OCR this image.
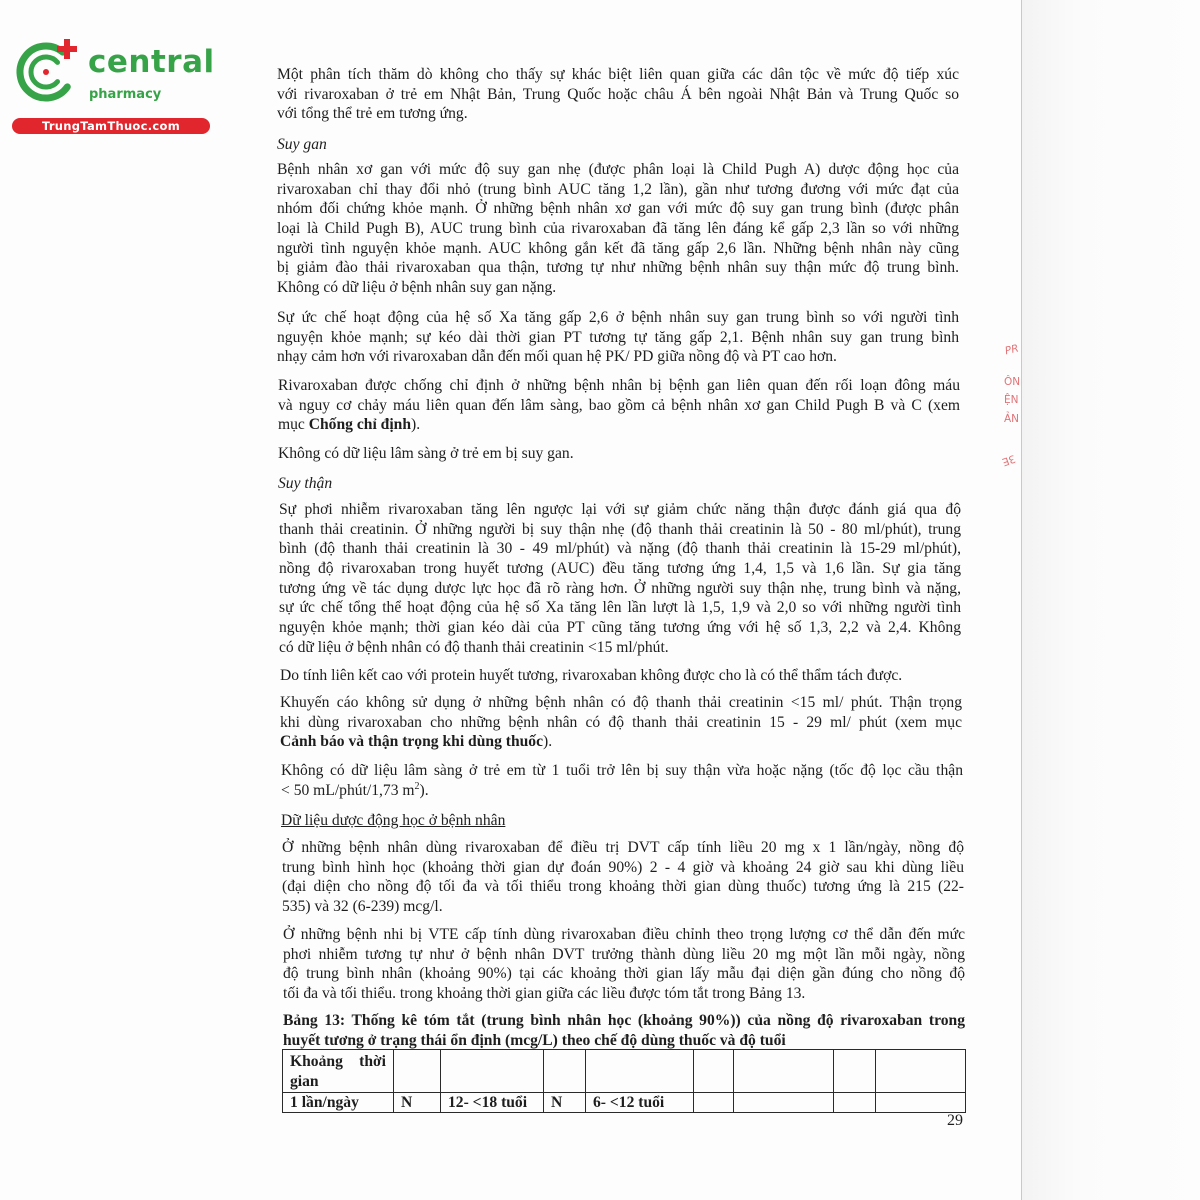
central
pharmacy
TrungTamThuoc.com
PR
ÔN
ỆN
ẢN
3E
Một phân tích thăm dò không cho thấy sự khác biệt liên quan giữa các dân tộc về mức độ tiếp xúc
với rivaroxaban ở trẻ em Nhật Bản, Trung Quốc hoặc châu Á bên ngoài Nhật Bản và Trung Quốc so
với tổng thể trẻ em tương ứng.
Suy gan
Bệnh nhân xơ gan với mức độ suy gan nhẹ (được phân loại là Child Pugh A) dược động học của
rivaroxaban chỉ thay đổi nhỏ (trung bình AUC tăng 1,2 lần), gần như tương đương với mức đạt của
nhóm đối chứng khỏe mạnh. Ở những bệnh nhân xơ gan với mức độ suy gan trung bình (được phân
loại là Child Pugh B), AUC trung bình của rivaroxaban đã tăng lên đáng kể gấp 2,3 lần so với những
người tình nguyện khỏe mạnh. AUC không gắn kết đã tăng gấp 2,6 lần. Những bệnh nhân này cũng
bị giảm đào thải rivaroxaban qua thận, tương tự như những bệnh nhân suy thận mức độ trung bình.
Không có dữ liệu ở bệnh nhân suy gan nặng.
Sự ức chế hoạt động của hệ số Xa tăng gấp 2,6 ở bệnh nhân suy gan trung bình so với người tình
nguyện khỏe mạnh; sự kéo dài thời gian PT tương tự tăng gấp 2,1. Bệnh nhân suy gan trung bình
nhạy cảm hơn với rivaroxaban dẫn đến mối quan hệ PK/ PD giữa nồng độ và PT cao hơn.
Rivaroxaban được chống chỉ định ở những bệnh nhân bị bệnh gan liên quan đến rối loạn đông máu
và nguy cơ chảy máu liên quan đến lâm sàng, bao gồm cả bệnh nhân xơ gan Child Pugh B và C (xem
mục Chống chỉ định).
Không có dữ liệu lâm sàng ở trẻ em bị suy gan.
Suy thận
Sự phơi nhiễm rivaroxaban tăng lên ngược lại với sự giảm chức năng thận được đánh giá qua độ
thanh thải creatinin. Ở những người bị suy thận nhẹ (độ thanh thải creatinin là 50 - 80 ml/phút), trung
bình (độ thanh thải creatinin là 30 - 49 ml/phút) và nặng (độ thanh thải creatinin là 15-29 ml/phút),
nồng độ rivaroxaban trong huyết tương (AUC) đều tăng tương ứng 1,4, 1,5 và 1,6 lần. Sự gia tăng
tương ứng về tác dụng dược lực học đã rõ ràng hơn. Ở những người suy thận nhẹ, trung bình và nặng,
sự ức chế tổng thể hoạt động của hệ số Xa tăng lên lần lượt là 1,5, 1,9 và 2,0 so với những người tình
nguyện khỏe mạnh; thời gian kéo dài của PT cũng tăng tương ứng với hệ số 1,3, 2,2 và 2,4. Không
có dữ liệu ở bệnh nhân có độ thanh thải creatinin <15 ml/phút.
Do tính liên kết cao với protein huyết tương, rivaroxaban không được cho là có thể thẩm tách được.
Khuyến cáo không sử dụng ở những bệnh nhân có độ thanh thải creatinin <15 ml/ phút. Thận trọng
khi dùng rivaroxaban cho những bệnh nhân có độ thanh thải creatinin 15 - 29 ml/ phút (xem mục
Cảnh báo và thận trọng khi dùng thuốc).
Không có dữ liệu lâm sàng ở trẻ em từ 1 tuổi trở lên bị suy thận vừa hoặc nặng (tốc độ lọc cầu thận
< 50 mL/phút/1,73 $m^2$).
Dữ liệu dược động học ở bệnh nhân
Ở những bệnh nhân dùng rivaroxaban để điều trị DVT cấp tính liều 20 mg x 1 lần/ngày, nồng độ
trung bình hình học (khoảng thời gian dự đoán 90%) 2 - 4 giờ và khoảng 24 giờ sau khi dùng liều
(đại diện cho nồng độ tối đa và tối thiểu trong khoảng thời gian dùng thuốc) tương ứng là 215 (22-
535) và 32 (6-239) mcg/l.
Ở những bệnh nhi bị VTE cấp tính dùng rivaroxaban điều chỉnh theo trọng lượng cơ thể dẫn đến mức
phơi nhiễm tương tự như ở bệnh nhân DVT trưởng thành dùng liều 20 mg một lần mỗi ngày, nồng
độ trung bình nhân (khoảng 90%) tại các khoảng thời gian lấy mẫu đại diện gần đúng cho nồng độ
tối đa và tối thiểu. trong khoảng thời gian giữa các liều được tóm tắt trong Bảng 13.
Bảng 13: Thống kê tóm tắt (trung bình nhân học (khoảng 90%)) của nồng độ rivaroxaban trong
huyết tương ở trạng thái ổn định (mcg/L) theo chế độ dùng thuốc và độ tuổi
Khoảng thời gian								
1 lần/ngày	N	12- <18 tuổi	N	6- <12 tuổi				
29
